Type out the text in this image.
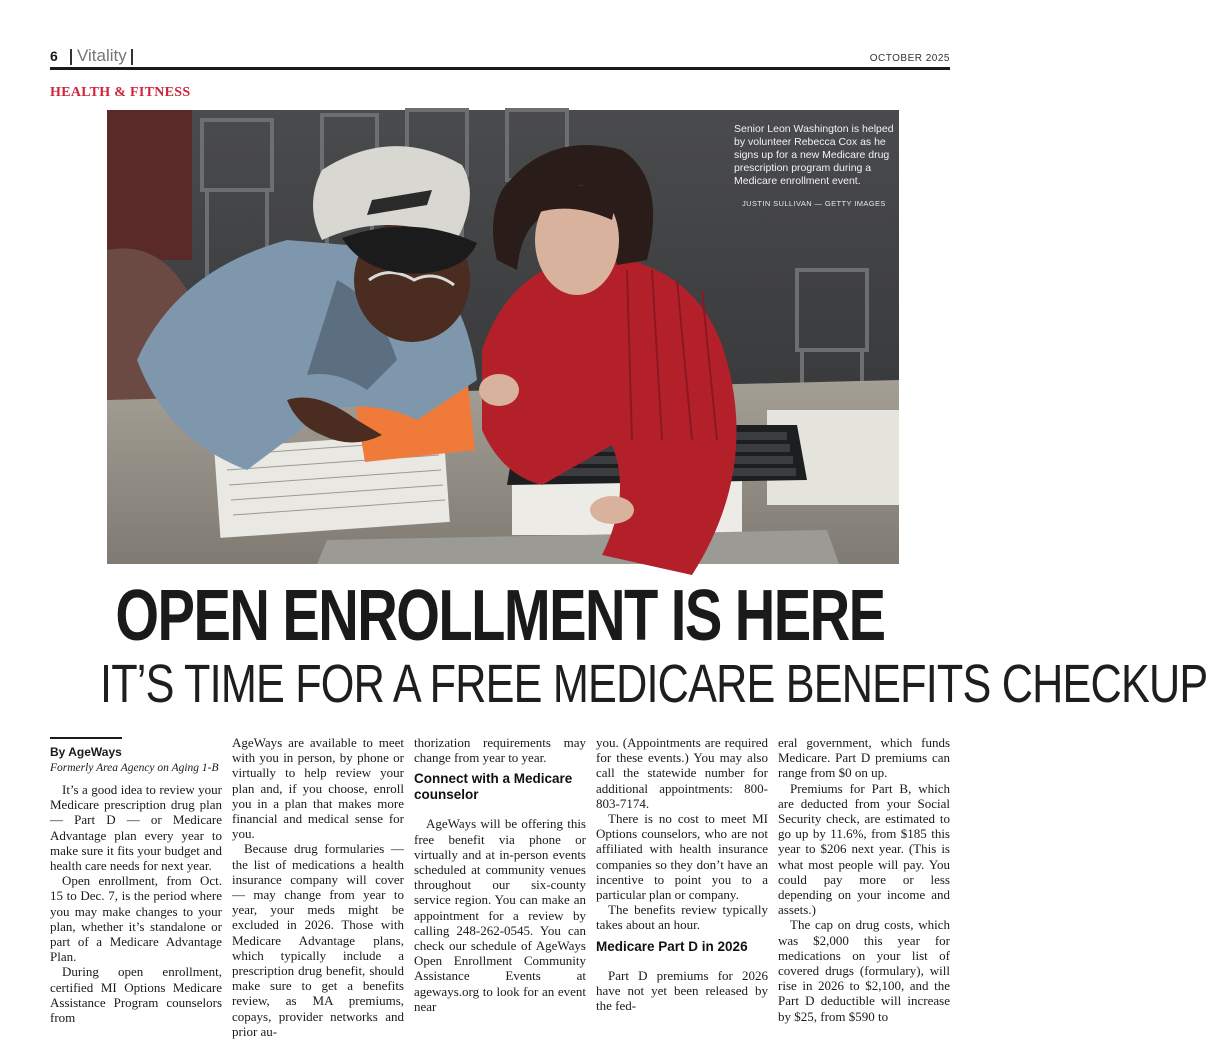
6 Vitality	OCTOBER 2025
HEALTH & FITNESS
Senior Leon Washington is helped by volunteer Rebecca Cox as he signs up for a new Medicare drug prescription program during a Medicare enrollment event.
JUSTIN SULLIVAN — GETTY IMAGES
OPEN ENROLLMENT IS HERE
IT’S TIME FOR A FREE MEDICARE BENEFITS CHECKUP
By AgeWays
Formerly Area Agency on Aging 1-B

It’s a good idea to review your Medicare prescription drug plan — Part D — or Medicare Advantage plan every year to make sure it fits your budget and health care needs for next year.

Open enrollment, from Oct. 15 to Dec. 7, is the period where you may make changes to your plan, whether it’s standalone or part of a Medicare Advantage Plan.

During open enrollment, certified MI Options Medicare Assistance Program counselors from

AgeWays are available to meet with you in person, by phone or virtually to help review your plan and, if you choose, enroll you in a plan that makes more financial and medical sense for you.

Because drug formularies — the list of medications a health insurance company will cover — may change from year to year, your meds might be excluded in 2026. Those with Medicare Advantage plans, which typically include a prescription drug benefit, should make sure to get a benefits review, as MA premiums, copays, provider networks and prior au-

thorization requirements may change from year to year.

Connect with a Medicare counselor

AgeWays will be offering this free benefit via phone or virtually and at in-person events scheduled at community venues throughout our six-county service region. You can make an appointment for a review by calling 248-262-0545. You can check our schedule of AgeWays Open Enrollment Community Assistance Events at ageways.org to look for an event near

you. (Appointments are required for these events.) You may also call the statewide number for additional appointments: 800-803-7174.

There is no cost to meet MI Options counselors, who are not affiliated with health insurance companies so they don’t have an incentive to point you to a particular plan or company.

The benefits review typically takes about an hour.

Medicare Part D in 2026

Part D premiums for 2026 have not yet been released by the fed-

eral government, which funds Medicare. Part D premiums can range from $0 on up.

Premiums for Part B, which are deducted from your Social Security check, are estimated to go up by 11.6%, from $185 this year to $206 next year. (This is what most people will pay. You could pay more or less depending on your income and assets.)

The cap on drug costs, which was $2,000 this year for medications on your list of covered drugs (formulary), will rise in 2026 to $2,100, and the Part D deductible will increase by $25, from $590 to
